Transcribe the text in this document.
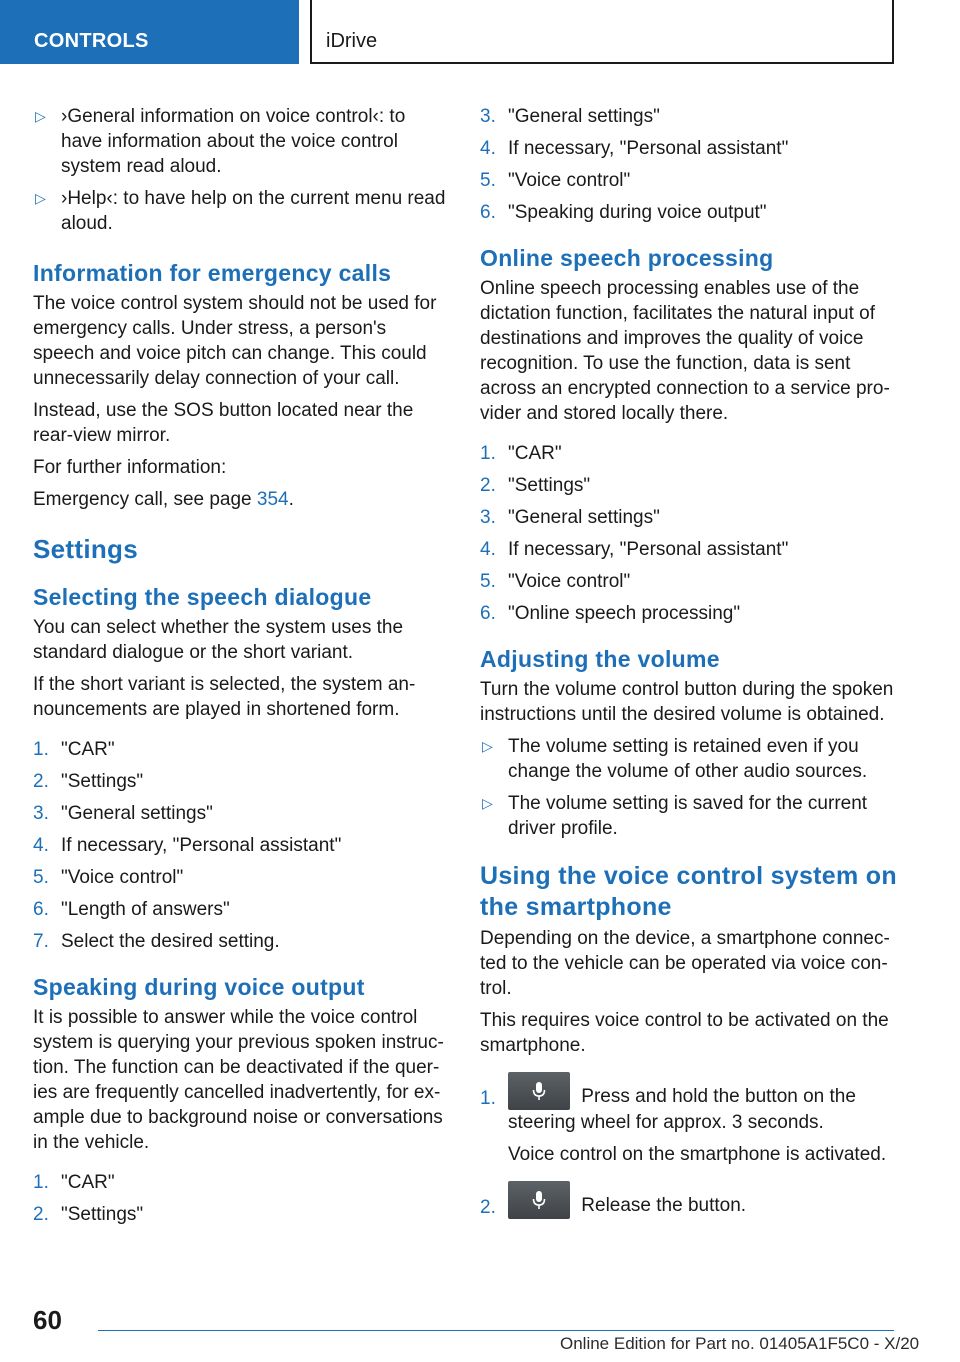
CONTROLS	iDrive
▷ ›General information on voice control‹: to have information about the voice control system read aloud.
▷ ›Help‹: to have help on the current menu read aloud.
Information for emergency calls

The voice control system should not be used for emergency calls. Under stress, a person's speech and voice pitch can change. This could unnecessarily delay connection of your call.

Instead, use the SOS button located near the rear-view mirror.

For further information:

Emergency call, see page 354.

Settings
Selecting the speech dialogue

You can select whether the system uses the standard dialogue or the short variant.

If the short variant is selected, the system announcements are played in shortened form.

1. "CAR"
2. "Settings"
3. "General settings"
4. If necessary, "Personal assistant"
5. "Voice control"
6. "Length of answers"
7. Select the desired setting.
Speaking during voice output

It is possible to answer while the voice control system is querying your previous spoken instruction. The function can be deactivated if the queries are frequently cancelled inadvertently, for example due to background noise or conversations in the vehicle.

1. "CAR"
2. "Settings"
3. "General settings"
4. If necessary, "Personal assistant"
5. "Voice control"
6. "Speaking during voice output"
Online speech processing

Online speech processing enables use of the dictation function, facilitates the natural input of destinations and improves the quality of voice recognition. To use the function, data is sent across an encrypted connection to a service provider and stored locally there.

1. "CAR"
2. "Settings"
3. "General settings"
4. If necessary, "Personal assistant"
5. "Voice control"
6. "Online speech processing"
Adjusting the volume

Turn the volume control button during the spoken instructions until the desired volume is obtained.

▷ The volume setting is retained even if you change the volume of other audio sources.
▷ The volume setting is saved for the current driver profile.
Using the voice control system on the smartphone

Depending on the device, a smartphone connected to the vehicle can be operated via voice control.

This requires voice control to be activated on the smartphone.

1.	Press and hold the button on the steering wheel for approx. 3 seconds.

Voice control on the smartphone is activated.

2.	Release the button.
60
Online Edition for Part no. 01405A1F5C0 - X/20
